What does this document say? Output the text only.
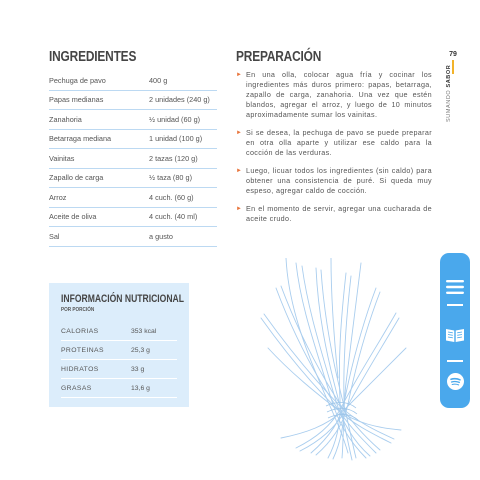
INGREDIENTES
Pechuga de pavo	400 g
Papas medianas	2 unidades (240 g)
Zanahoria	½ unidad (60 g)
Betarraga mediana	1 unidad (100 g)
Vainitas	2 tazas (120 g)
Zapallo de carga	½ taza (80 g)
Arroz	4 cuch. (60 g)
Aceite de oliva	4 cuch. (40 ml)
Sal	a gusto
PREPARACIÓN
► En una olla, colocar agua fría y cocinar los ingredientes más duros primero: papas, betarraga, zapallo de carga, zanahoria. Una vez que estén blandos, agregar el arroz, y luego de 10 minutos aproximadamente sumar los vainitas.
► Si se desea, la pechuga de pavo se puede preparar en otra olla aparte y utilizar ese caldo para la cocción de las verduras.
► Luego, licuar todos los ingredientes (sin caldo) para obtener una consistencia de puré. Si queda muy espeso, agregar caldo de cocción.
► En el momento de servir, agregar una cucharada de aceite crudo.
79
SUMANDO SABOR
INFORMACIÓN NUTRICIONAL
POR PORCIÓN
CALORIAS	353 kcal
PROTEINAS	25,3 g
HIDRATOS	33 g
GRASAS	13,6 g
